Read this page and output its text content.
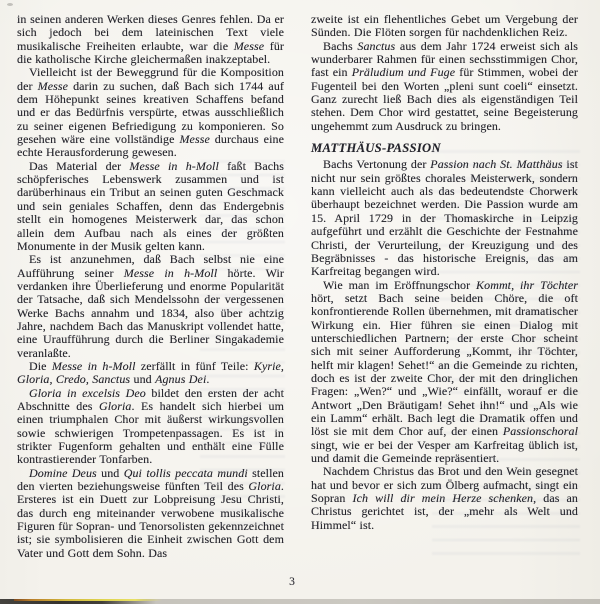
in seinen anderen Werken dieses Genres fehlen. Da er sich jedoch bei dem lateinischen Text viele musikalische Freiheiten erlaubte, war die Messe für die katholische Kirche gleichermaßen inakzeptabel.

Vielleicht ist der Beweggrund für die Komposition der Messe darin zu suchen, daß Bach sich 1744 auf dem Höhepunkt seines kreativen Schaffens befand und er das Bedürfnis verspürte, etwas ausschließlich zu seiner eigenen Befriedigung zu komponieren. So gesehen wäre eine vollständige Messe durchaus eine echte Herausforderung gewesen.

Das Material der Messe in h-Moll faßt Bachs schöpferisches Lebenswerk zusammen und ist darüberhinaus ein Tribut an seinen guten Geschmack und sein geniales Schaffen, denn das Endergebnis stellt ein homogenes Meisterwerk dar, das schon allein dem Aufbau nach als eines der größten Monumente in der Musik gelten kann.

Es ist anzunehmen, daß Bach selbst nie eine Aufführung seiner Messe in h-Moll hörte. Wir verdanken ihre Überlieferung und enorme Popularität der Tatsache, daß sich Mendelssohn der vergessenen Werke Bachs annahm und 1834, also über achtzig Jahre, nachdem Bach das Manuskript vollendet hatte, eine Uraufführung durch die Berliner Singakademie veranlaßte.

Die Messe in h-Moll zerfällt in fünf Teile: Kyrie, Gloria, Credo, Sanctus und Agnus Dei.

Gloria in excelsis Deo bildet den ersten der acht Abschnitte des Gloria. Es handelt sich hierbei um einen triumphalen Chor mit äußerst wirkungsvollen sowie schwierigen Trompetenpassagen. Es ist in strikter Fugenform gehalten und enthält eine Fülle kontrastierender Tonfarben.

Domine Deus und Qui tollis peccata mundi stellen den vierten beziehungsweise fünften Teil des Gloria. Ersteres ist ein Duett zur Lobpreisung Jesu Christi, das durch eng miteinander verwobene musikalische Figuren für Sopran- und Tenorsolisten gekennzeichnet ist; sie symbolisieren die Einheit zwischen Gott dem Vater und Gott dem Sohn. Das

zweite ist ein flehentliches Gebet um Vergebung der Sünden. Die Flöten sorgen für nachdenklichen Reiz.

Bachs Sanctus aus dem Jahr 1724 erweist sich als wunderbarer Rahmen für einen sechsstimmigen Chor, fast ein Präludium und Fuge für Stimmen, wobei der Fugenteil bei den Worten „pleni sunt coeli“ einsetzt. Ganz zurecht ließ Bach dies als eigenständigen Teil stehen. Dem Chor wird gestattet, seine Begeisterung ungehemmt zum Ausdruck zu bringen.

MATTHÄUS-PASSION

Bachs Vertonung der Passion nach St. Matthäus ist nicht nur sein größtes chorales Meisterwerk, sondern kann vielleicht auch als das bedeutendste Chorwerk überhaupt bezeichnet werden. Die Passion wurde am 15. April 1729 in der Thomaskirche in Leipzig aufgeführt und erzählt die Geschichte der Festnahme Christi, der Verurteilung, der Kreuzigung und des Begräbnisses - das historische Ereignis, das am Karfreitag begangen wird.

Wie man im Eröffnungschor Kommt, ihr Töchter hört, setzt Bach seine beiden Chöre, die oft konfrontierende Rollen übernehmen, mit dramatischer Wirkung ein. Hier führen sie einen Dialog mit unterschiedlichen Partnern; der erste Chor scheint sich mit seiner Aufforderung „Kommt, ihr Töchter, helft mir klagen! Sehet!“ an die Gemeinde zu richten, doch es ist der zweite Chor, der mit den dringlichen Fragen: „Wen?“ und „Wie?“ einfällt, worauf er die Antwort „Den Bräutigam! Sehet ihn!“ und „Als wie ein Lamm“ erhält. Bach legt die Dramatik offen und löst sie mit dem Chor auf, der einen Passionschoral singt, wie er bei der Vesper am Karfreitag üblich ist, und damit die Gemeinde repräsentiert.

Nachdem Christus das Brot und den Wein gesegnet hat und bevor er sich zum Ölberg aufmacht, singt ein Sopran Ich will dir mein Herze schenken, das an Christus gerichtet ist, der „mehr als Welt und Himmel“ ist.

3
